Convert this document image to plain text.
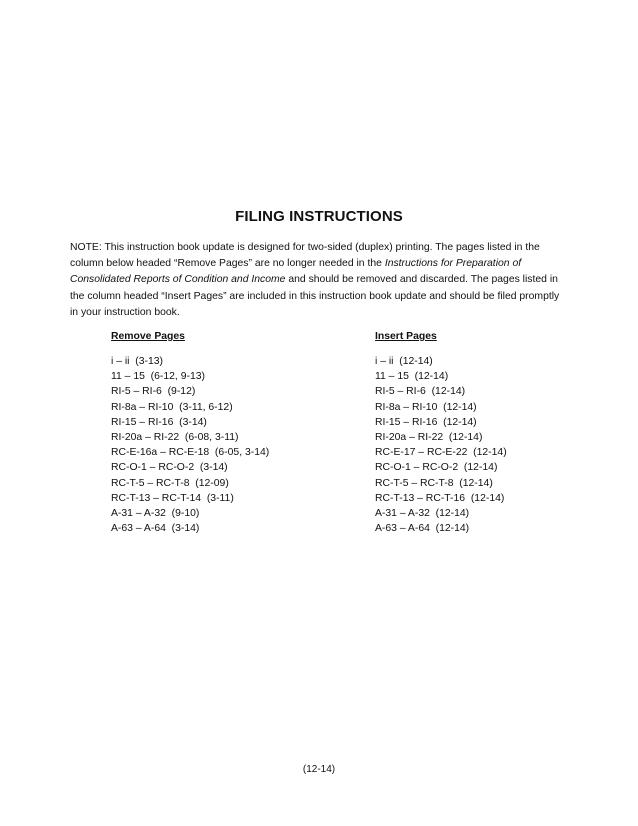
FILING INSTRUCTIONS
NOTE: This instruction book update is designed for two-sided (duplex) printing. The pages listed in the column below headed “Remove Pages” are no longer needed in the Instructions for Preparation of Consolidated Reports of Condition and Income and should be removed and discarded. The pages listed in the column headed “Insert Pages” are included in this instruction book update and should be filed promptly in your instruction book.
Remove Pages
i – ii  (3-13)
11 – 15  (6-12, 9-13)
RI-5 – RI-6  (9-12)
RI-8a – RI-10  (3-11, 6-12)
RI-15 – RI-16  (3-14)
RI-20a – RI-22  (6-08, 3-11)
RC-E-16a – RC-E-18  (6-05, 3-14)
RC-O-1 – RC-O-2  (3-14)
RC-T-5 – RC-T-8  (12-09)
RC-T-13 – RC-T-14  (3-11)
A-31 – A-32  (9-10)
A-63 – A-64  (3-14)
Insert Pages
i – ii  (12-14)
11 – 15  (12-14)
RI-5 – RI-6  (12-14)
RI-8a – RI-10  (12-14)
RI-15 – RI-16  (12-14)
RI-20a – RI-22  (12-14)
RC-E-17 – RC-E-22  (12-14)
RC-O-1 – RC-O-2  (12-14)
RC-T-5 – RC-T-8  (12-14)
RC-T-13 – RC-T-16  (12-14)
A-31 – A-32  (12-14)
A-63 – A-64  (12-14)
(12-14)
